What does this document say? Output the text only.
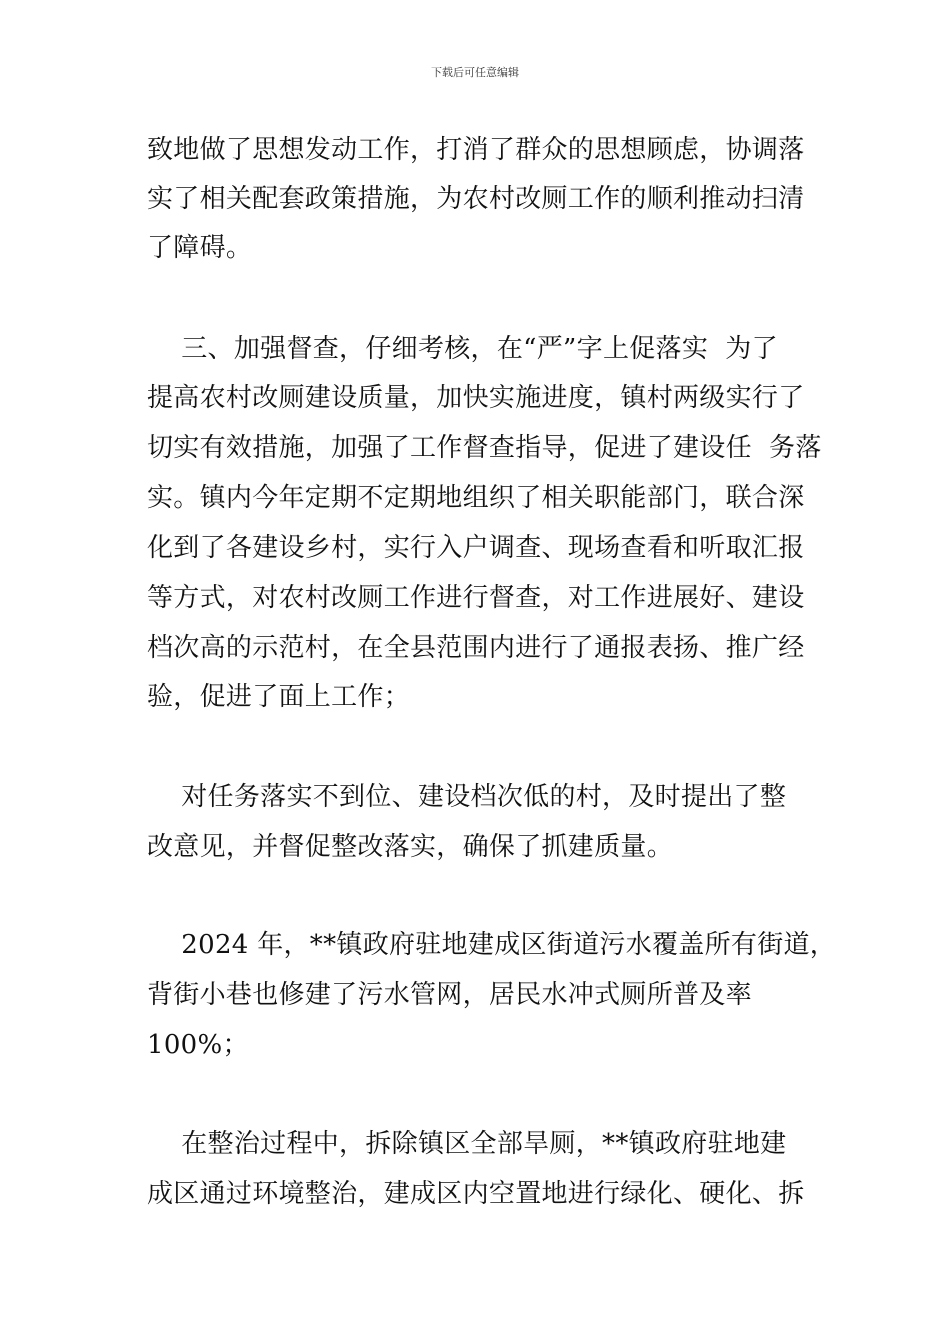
下载后可任意编辑
致地做了思想发动工作，打消了群众的思想顾虑，协调落
实了相关配套政策措施，为农村改厕工作的顺利推动扫清
了障碍。
三、加强督查，仔细考核，在“严”字上促落实  为了
提高农村改厕建设质量，加快实施进度，镇村两级实行了
切实有效措施，加强了工作督查指导，促进了建设任  务落
实。镇内今年定期不定期地组织了相关职能部门，联合深
化到了各建设乡村，实行入户调查、现场查看和听取汇报
等方式，对农村改厕工作进行督查，对工作进展好、建设
档次高的示范村，在全县范围内进行了通报表扬、推广经
验，促进了面上工作；
对任务落实不到位、建设档次低的村，及时提出了整
改意见，并督促整改落实，确保了抓建质量。
2024 年，**镇政府驻地建成区街道污水覆盖所有街道，
背街小巷也修建了污水管网，居民水冲式厕所普及率
100%；
在整治过程中，拆除镇区全部旱厕，**镇政府驻地建
成区通过环境整治，建成区内空置地进行绿化、硬化、拆
